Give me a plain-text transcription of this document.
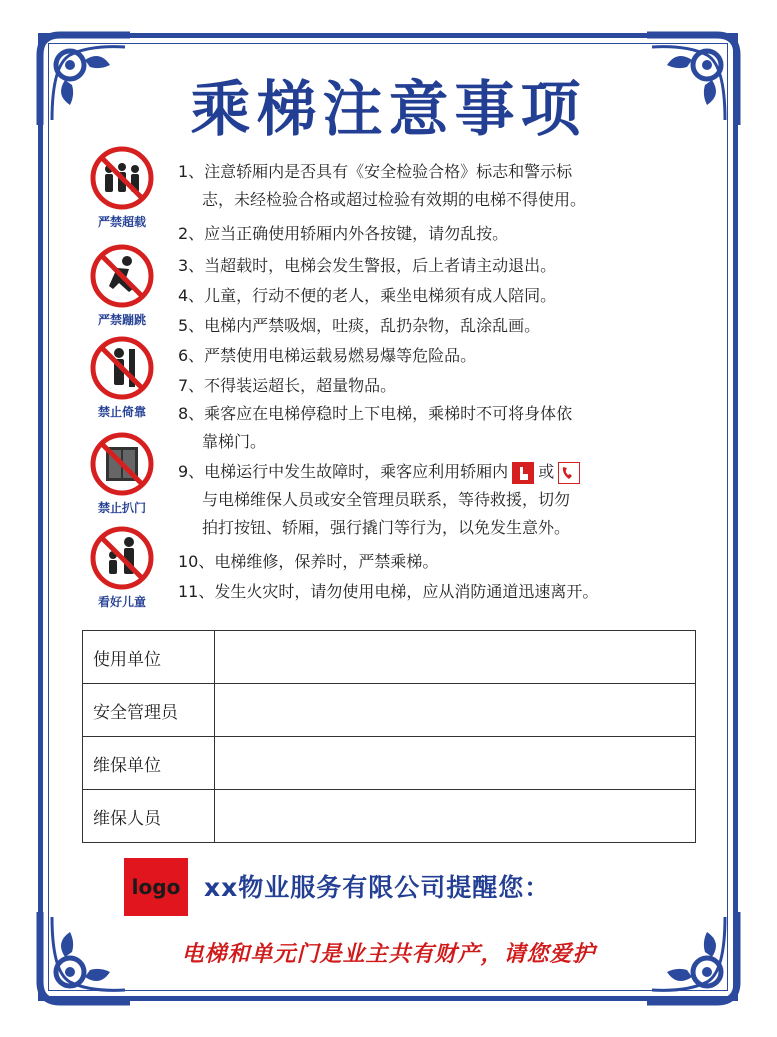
乘梯注意事项
严禁超载
严禁蹦跳
禁止倚靠
禁止扒门
看好儿童
1、注意轿厢内是否具有《安全检验合格》标志和警示标
志，未经检验合格或超过检验有效期的电梯不得使用。
2、应当正确使用轿厢内外各按键，请勿乱按。
3、当超载时，电梯会发生警报，后上者请主动退出。
4、儿童，行动不便的老人，乘坐电梯须有成人陪同。
5、电梯内严禁吸烟，吐痰，乱扔杂物，乱涂乱画。
6、严禁使用电梯运载易燃易爆等危险品。
7、不得装运超长，超量物品。
8、乘客应在电梯停稳时上下电梯，乘梯时不可将身体依
靠梯门。
9、电梯运行中发生故障时，乘客应利用轿厢内 或
与电梯维保人员或安全管理员联系，等待救援，切勿
拍打按钮、轿厢，强行撬门等行为，以免发生意外。
10、电梯维修，保养时，严禁乘梯。
11、发生火灾时，请勿使用电梯，应从消防通道迅速离开。
使用单位	
安全管理员	
维保单位	
维保人员	
logo xx物业服务有限公司提醒您：
电梯和单元门是业主共有财产，请您爱护
